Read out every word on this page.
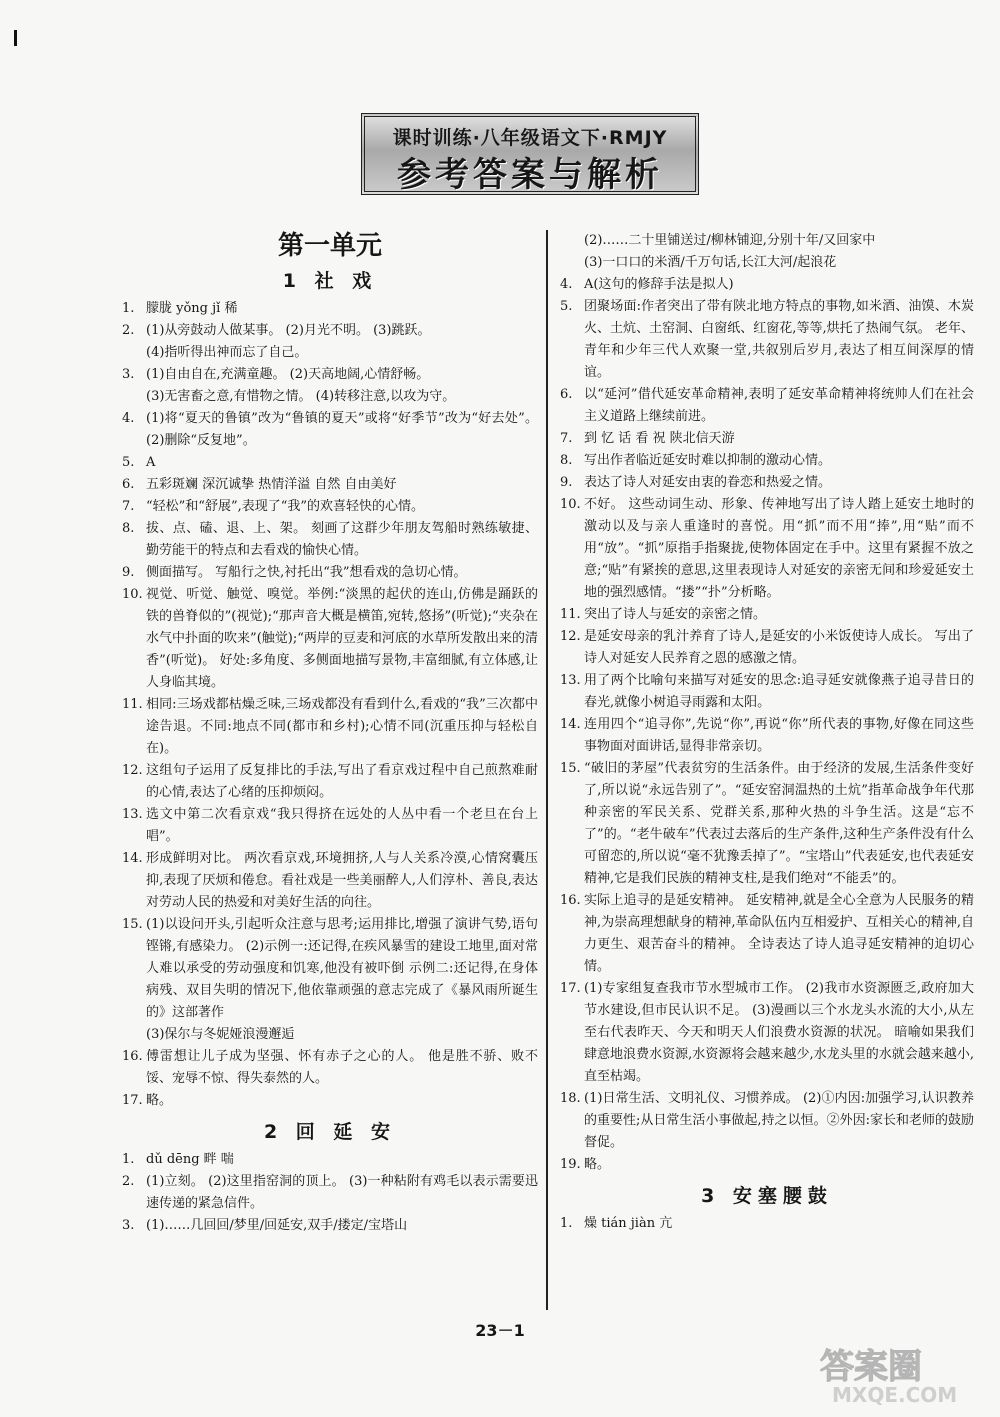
课时训练·八年级语文下·RMJY
参考答案与解析
第一单元
1 社 戏
1. 朦胧 yǒng jǐ 稀
2. (1)从旁鼓动人做某事。 (2)月光不明。 (3)跳跃。
(4)指听得出神而忘了自己。
3. (1)自由自在,充满童趣。 (2)天高地阔,心情舒畅。
(3)无害畜之意,有惜物之情。 (4)转移注意,以攻为守。
4. (1)将“夏天的鲁镇”改为“鲁镇的夏天”或将“好季节”改为“好去处”。 (2)删除“反复地”。
5. A
6. 五彩斑斓 深沉诚挚 热情洋溢 自然 自由美好
7. “轻松”和“舒展”,表现了“我”的欢喜轻快的心情。
8. 拔、点、磕、退、上、架。 刻画了这群少年朋友驾船时熟练敏捷、勤劳能干的特点和去看戏的愉快心情。
9. 侧面描写。 写船行之快,衬托出“我”想看戏的急切心情。
10. 视觉、听觉、触觉、嗅觉。举例:“淡黑的起伏的连山,仿佛是踊跃的铁的兽脊似的”(视觉);“那声音大概是横笛,宛转,悠扬”(听觉);“夹杂在水气中扑面的吹来”(触觉);“两岸的豆麦和河底的水草所发散出来的清香”(听觉)。 好处:多角度、多侧面地描写景物,丰富细腻,有立体感,让人身临其境。
11. 相同:三场戏都枯燥乏味,三场戏都没有看到什么,看戏的“我”三次都中途告退。不同:地点不同(都市和乡村);心情不同(沉重压抑与轻松自在)。
12. 这组句子运用了反复排比的手法,写出了看京戏过程中自己煎熬难耐的心情,表达了心绪的压抑烦闷。
13. 选文中第二次看京戏“我只得挤在远处的人丛中看一个老旦在台上唱”。
14. 形成鲜明对比。 两次看京戏,环境拥挤,人与人关系冷漠,心情窝囊压抑,表现了厌烦和倦怠。看社戏是一些美丽醉人,人们淳朴、善良,表达对劳动人民的热爱和对美好生活的向往。
15. (1)以设问开头,引起听众注意与思考;运用排比,增强了演讲气势,语句铿锵,有感染力。 (2)示例一:还记得,在疾风暴雪的建设工地里,面对常人难以承受的劳动强度和饥寒,他没有被吓倒 示例二:还记得,在身体病残、双目失明的情况下,他依靠顽强的意志完成了《暴风雨所诞生的》这部著作
(3)保尔与冬妮娅浪漫邂逅
16. 傅雷想让儿子成为坚强、怀有赤子之心的人。 他是胜不骄、败不馁、宠辱不惊、得失泰然的人。
17. 略。
2 回 延 安
1. dǔ dēng 畔 喘
2. (1)立刻。 (2)这里指窑洞的顶上。 (3)一种粘附有鸡毛以表示需要迅速传递的紧急信件。
3. (1)……几回回/梦里/回延安,双手/搂定/宝塔山
(2)……二十里铺送过/柳林铺迎,分别十年/又回家中
(3)一口口的米酒/千万句话,长江大河/起浪花
4. A(这句的修辞手法是拟人)
5. 团聚场面:作者突出了带有陕北地方特点的事物,如米酒、油馍、木炭火、土炕、土窑洞、白窗纸、红窗花,等等,烘托了热闹气氛。 老年、青年和少年三代人欢聚一堂,共叙别后岁月,表达了相互间深厚的情谊。
6. 以“延河”借代延安革命精神,表明了延安革命精神将统帅人们在社会主义道路上继续前进。
7. 到 忆 话 看 祝 陕北信天游
8. 写出作者临近延安时难以抑制的激动心情。
9. 表达了诗人对延安由衷的眷恋和热爱之情。
10. 不好。 这些动词生动、形象、传神地写出了诗人踏上延安土地时的激动以及与亲人重逢时的喜悦。用“抓”而不用“捧”,用“贴”而不用“放”。“抓”原指手指聚拢,使物体固定在手中。这里有紧握不放之意;“贴”有紧挨的意思,这里表现诗人对延安的亲密无间和珍爱延安土地的强烈感情。“搂”“扑”分析略。
11. 突出了诗人与延安的亲密之情。
12. 是延安母亲的乳汁养育了诗人,是延安的小米饭使诗人成长。 写出了诗人对延安人民养育之恩的感激之情。
13. 用了两个比喻句来描写对延安的思念:追寻延安就像燕子追寻昔日的春光,就像小树追寻雨露和太阳。
14. 连用四个“追寻你”,先说“你”,再说“你”所代表的事物,好像在同这些事物面对面讲话,显得非常亲切。
15. “破旧的茅屋”代表贫穷的生活条件。由于经济的发展,生活条件变好了,所以说“永远告别了”。“延安窑洞温热的土炕”指革命战争年代那种亲密的军民关系、党群关系,那种火热的斗争生活。这是“忘不了”的。“老牛破车”代表过去落后的生产条件,这种生产条件没有什么可留恋的,所以说“毫不犹豫丢掉了”。“宝塔山”代表延安,也代表延安精神,它是我们民族的精神支柱,是我们绝对“不能丢”的。
16. 实际上追寻的是延安精神。 延安精神,就是全心全意为人民服务的精神,为崇高理想献身的精神,革命队伍内互相爱护、互相关心的精神,自力更生、艰苦奋斗的精神。 全诗表达了诗人追寻延安精神的迫切心情。
17. (1)专家组复查我市节水型城市工作。 (2)我市水资源匮乏,政府加大节水建设,但市民认识不足。 (3)漫画以三个水龙头水流的大小,从左至右代表昨天、今天和明天人们浪费水资源的状况。 暗喻如果我们肆意地浪费水资源,水资源将会越来越少,水龙头里的水就会越来越小,直至枯竭。
18. (1)日常生活、文明礼仪、习惯养成。 (2)①内因:加强学习,认识教养的重要性;从日常生活小事做起,持之以恒。②外因:家长和老师的鼓励督促。
19. 略。
3 安塞腰鼓
1. 燥 tián jiàn 亢
23－1
答案圈
MXQE.COM
